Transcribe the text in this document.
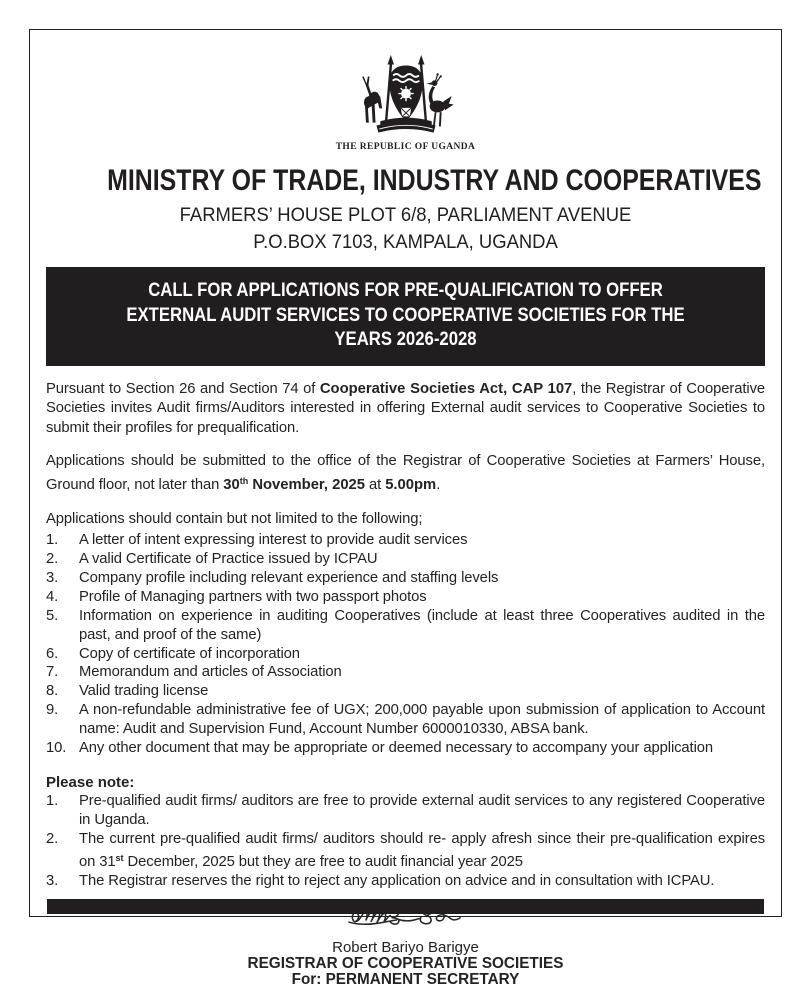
THE REPUBLIC OF UGANDA
MINISTRY OF TRADE, INDUSTRY AND COOPERATIVES
FARMERS’ HOUSE PLOT 6/8, PARLIAMENT AVENUE
P.O.BOX 7103, KAMPALA, UGANDA
CALL FOR APPLICATIONS FOR PRE-QUALIFICATION TO OFFER
EXTERNAL AUDIT SERVICES TO COOPERATIVE SOCIETIES FOR THE
YEARS 2026-2028

Pursuant to Section 26 and Section 74 of Cooperative Societies Act, CAP 107, the Registrar of Cooperative Societies invites Audit firms/Auditors interested in offering External audit services to Cooperative Societies to submit their profiles for prequalification.

Applications should be submitted to the office of the Registrar of Cooperative Societies at Farmers’ House, Ground floor, not later than 30th November, 2025 at 5.00pm.

Applications should contain but not limited to the following;
A letter of intent expressing interest to provide audit services
A valid Certificate of Practice issued by ICPAU
Company profile including relevant experience and staffing levels
Profile of Managing partners with two passport photos
Information on experience in auditing Cooperatives (include at least three Cooperatives audited in the past, and proof of the same)
Copy of certificate of incorporation
Memorandum and articles of Association
Valid trading license
A non-refundable administrative fee of UGX; 200,000 payable upon submission of application to Account name: Audit and Supervision Fund, Account Number 6000010330, ABSA bank.
Any other document that may be appropriate or deemed necessary to accompany your application
Please note:
Pre-qualified audit firms/ auditors are free to provide external audit services to any registered Cooperative in Uganda.
The current pre-qualified audit firms/ auditors should re- apply afresh since their pre-qualification expires on 31st December, 2025 but they are free to audit financial year 2025
The Registrar reserves the right to reject any application on advice and in consultation with ICPAU.
Robert Bariyo Barigye
REGISTRAR OF COOPERATIVE SOCIETIES
For: PERMANENT SECRETARY
